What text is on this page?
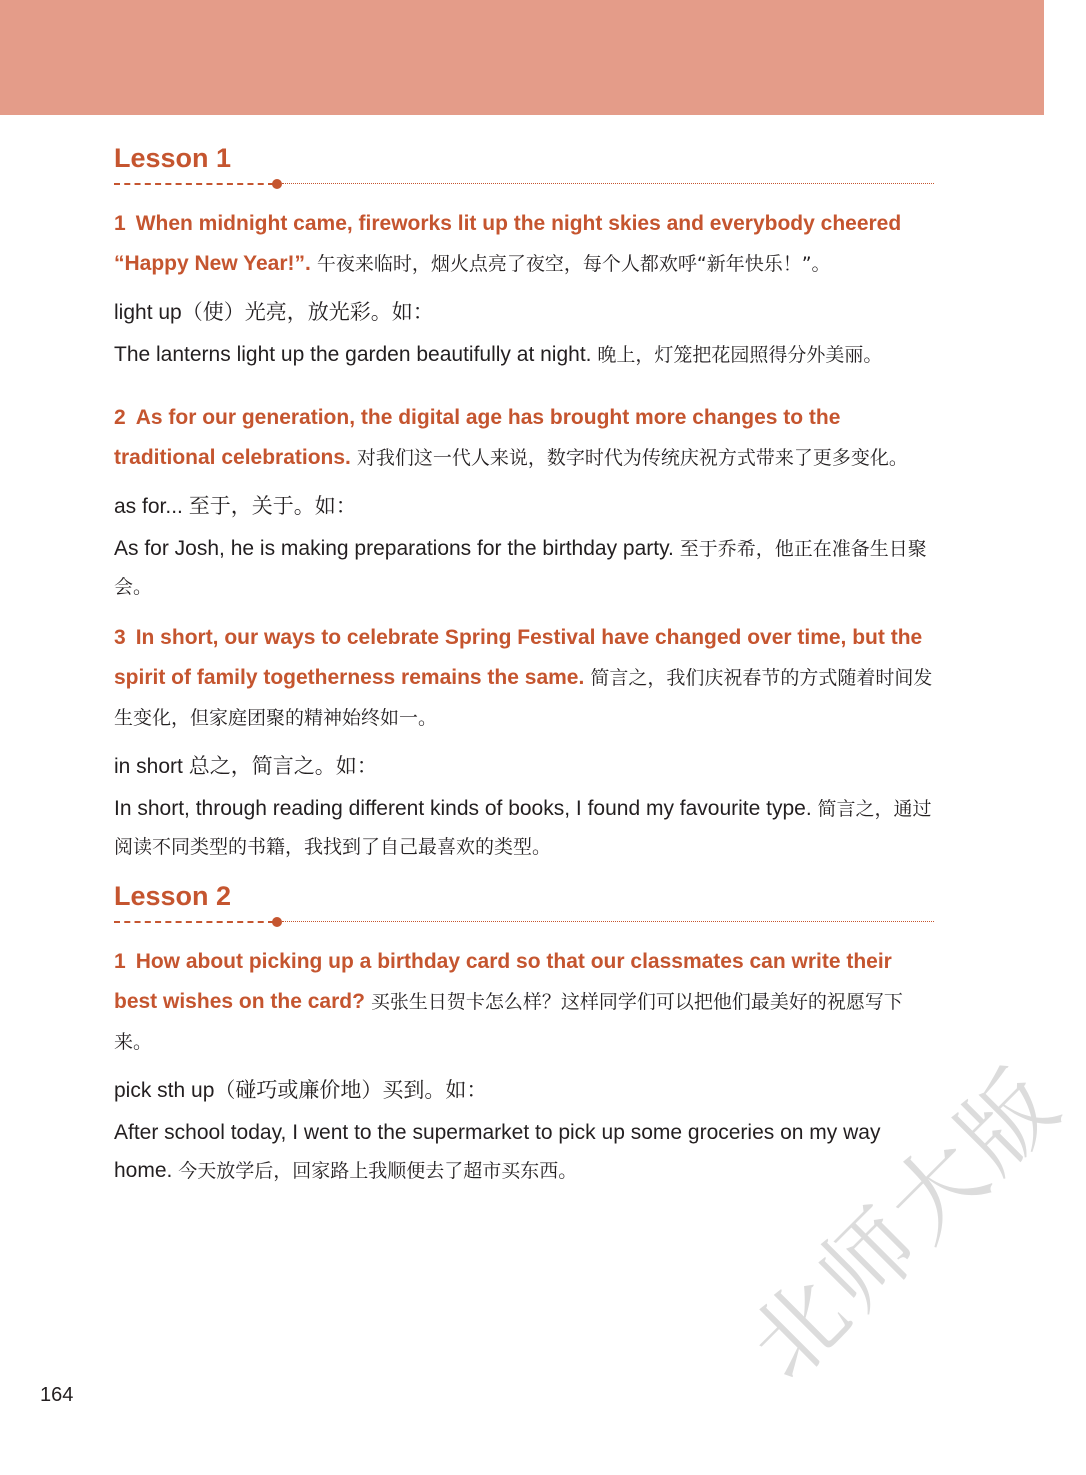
Lesson 1

1 When midnight came, fireworks lit up the night skies and everybody cheered “Happy New Year!”. 午夜来临时，烟火点亮了夜空，每个人都欢呼“新年快乐！”。

light up（使）光亮，放光彩。如：

The lanterns light up the garden beautifully at night. 晚上，灯笼把花园照得分外美丽。

2 As for our generation, the digital age has brought more changes to the traditional celebrations. 对我们这一代人来说，数字时代为传统庆祝方式带来了更多变化。

as for... 至于，关于。如：

As for Josh, he is making preparations for the birthday party. 至于乔希，他正在准备生日聚会。

3 In short, our ways to celebrate Spring Festival have changed over time, but the spirit of family togetherness remains the same. 简言之，我们庆祝春节的方式随着时间发生变化，但家庭团聚的精神始终如一。

in short 总之，简言之。如：

In short, through reading different kinds of books, I found my favourite type. 简言之，通过阅读不同类型的书籍，我找到了自己最喜欢的类型。

Lesson 2

1 How about picking up a birthday card so that our classmates can write their best wishes on the card? 买张生日贺卡怎么样？这样同学们可以把他们最美好的祝愿写下来。

pick sth up（碰巧或廉价地）买到。如：

After school today, I went to the supermarket to pick up some groceries on my way home. 今天放学后，回家路上我顺便去了超市买东西。

164	北师大版
